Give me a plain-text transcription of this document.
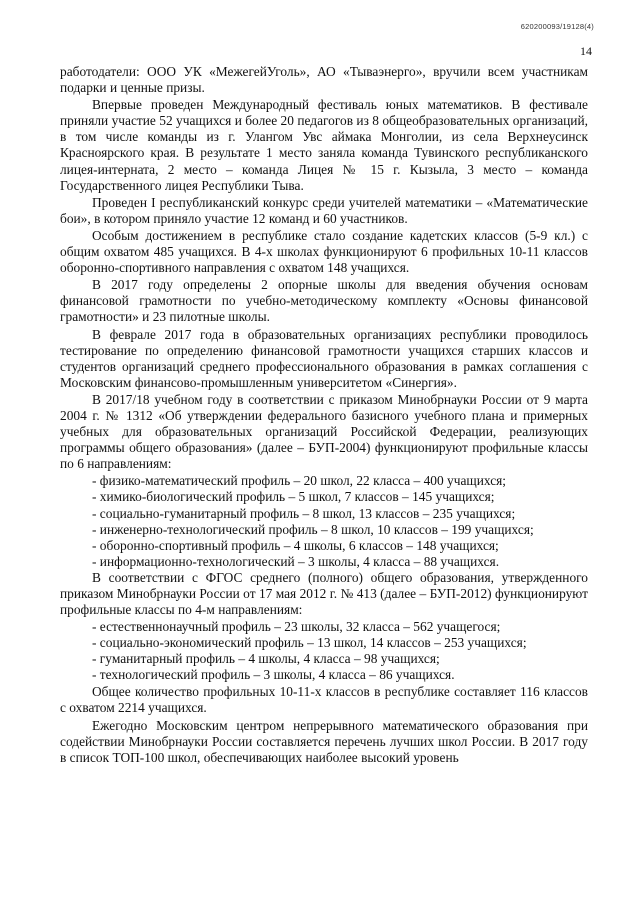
620200093/19128(4)
14

работодатели: ООО УК «МежегейУголь», АО «Тываэнерго», вручили всем участникам подарки и ценные призы.

Впервые проведен Международный фестиваль юных математиков. В фестивале приняли участие 52 учащихся и более 20 педагогов из 8 общеобразовательных организаций, в том числе команды из г. Улангом Увс аймака Монголии, из села Верхнеусинск Красноярского края. В результате 1 место заняла команда Тувинского республиканского лицея-интерната, 2 место – команда Лицея № 15 г. Кызыла, 3 место – команда Государственного лицея Республики Тыва.

Проведен I республиканский конкурс среди учителей математики – «Математические бои», в котором приняло участие 12 команд и 60 участников.

Особым достижением в республике стало создание кадетских классов (5-9 кл.) с общим охватом 485 учащихся. В 4-х школах функционируют 6 профильных 10-11 классов оборонно-спортивного направления с охватом 148 учащихся.

В 2017 году определены 2 опорные школы для введения обучения основам финансовой грамотности по учебно-методическому комплекту «Основы финансовой грамотности» и 23 пилотные школы.

В феврале 2017 года в образовательных организациях республики проводилось тестирование по определению финансовой грамотности учащихся старших классов и студентов организаций среднего профессионального образования в рамках соглашения с Московским финансово-промышленным университетом «Синергия».

В 2017/18 учебном году в соответствии с приказом Минобрнауки России от 9 марта 2004 г. № 1312 «Об утверждении федерального базисного учебного плана и примерных учебных для образовательных организаций Российской Федерации, реализующих программы общего образования» (далее – БУП-2004) функционируют профильные классы по 6 направлениям:

- физико-математический профиль – 20 школ, 22 класса – 400 учащихся;
- химико-биологический профиль – 5 школ, 7 классов – 145 учащихся;
- социально-гуманитарный профиль – 8 школ, 13 классов – 235 учащихся;
- инженерно-технологический профиль – 8 школ, 10 классов – 199 учащихся;
- оборонно-спортивный профиль – 4 школы, 6 классов – 148 учащихся;
- информационно-технологический – 3 школы, 4 класса – 88 учащихся.

В соответствии с ФГОС среднего (полного) общего образования, утвержденного приказом Минобрнауки России от 17 мая 2012 г. № 413 (далее – БУП-2012) функционируют профильные классы по 4-м направлениям:

- естественнонаучный профиль – 23 школы, 32 класса – 562 учащегося;
- социально-экономический профиль – 13 школ, 14 классов – 253 учащихся;
- гуманитарный профиль – 4 школы, 4 класса – 98 учащихся;
- технологический профиль – 3 школы, 4 класса – 86 учащихся.

Общее количество профильных 10-11-х классов в республике составляет 116 классов с охватом 2214 учащихся.

Ежегодно Московским центром непрерывного математического образования при содействии Минобрнауки России составляется перечень лучших школ России. В 2017 году в список ТОП-100 школ, обеспечивающих наиболее высокий уровень
